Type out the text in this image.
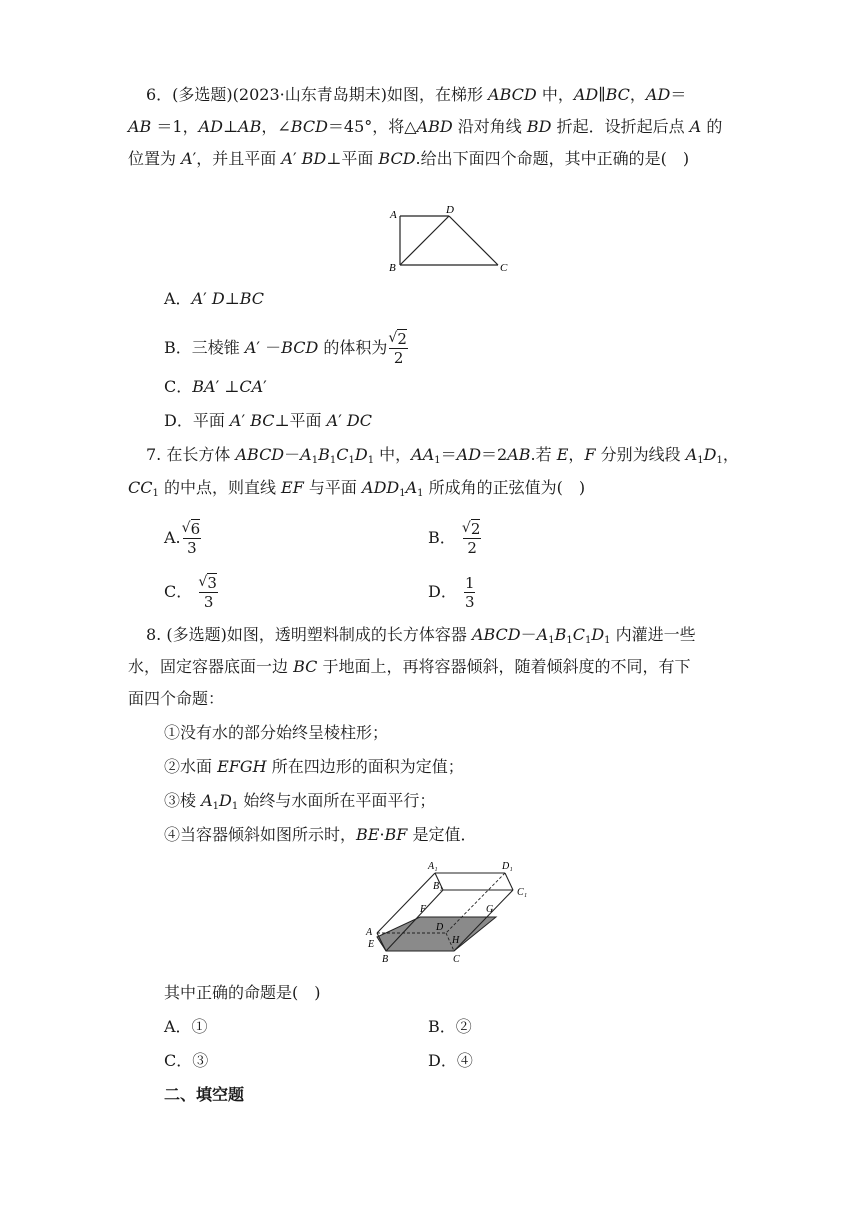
6．(多选题)(2023·山东青岛期末)如图，在梯形 ABCD 中，AD∥BC，AD＝
AB ＝1，AD⊥AB，∠BCD＝45°，将△ABD 沿对角线 BD 折起．设折起后点 A 的
位置为 A′，并且平面 A′ BD⊥平面 BCD.给出下面四个命题，其中正确的是(　)
A	D
B	C
A．A′ D⊥BC
B．三棱锥 A′ －BCD 的体积为 √ $\frac{2}{2}$
C．BA′ ⊥CA′
D．平面 A′ BC⊥平面 A′ DC
7. 在长方体 $ABCD-A_1B_1C_1D_1$ 中，$AA_1=AD=2AB$.若 E，F 分别为线段 $A_1D_1$，
$CC_1$ 的中点，则直线 EF 与平面 $ADD_1A_1$ 所成角的正弦值为(　)
A. √ $\frac{6}{3}$	B． √ $\frac{2}{2}$
C． √ $\frac{3}{3}$	D． $\frac{1}{3}$
8. (多选题)如图，透明塑料制成的长方体容器 $ABCD-A_1B_1C_1D_1$ 内灌进一些
水，固定容器底面一边 BC 于地面上，再将容器倾斜，随着倾斜度的不同，有下
面四个命题：
①没有水的部分始终呈棱柱形；
②水面 EFGH 所在四边形的面积为定值；
③棱 $A_1D_1$ 始终与水面所在平面平行；
④当容器倾斜如图所示时，BE·BF 是定值．
A₁	D₁
B₁
C₁
F	G
A	D
E	H
B	C
其中正确的命题是(　)
A．①	B．②
C．③	D．④
二、填空题
